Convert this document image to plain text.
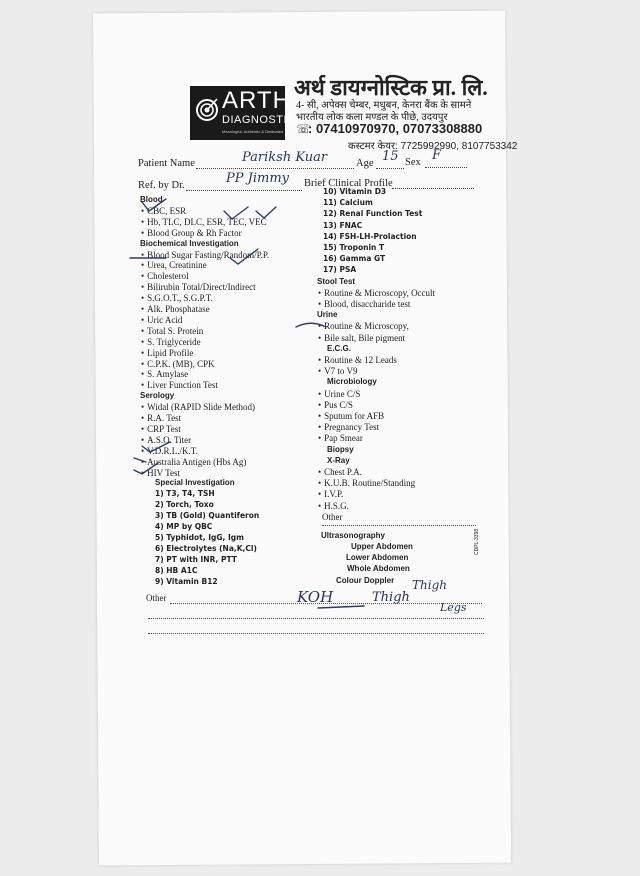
ARTH
DIAGNOSTICS
Meaningful, Authentic & Dedicated
अर्थ डायग्नोस्टिक प्रा. लि.
4- सी, अपेक्स चेम्बर, मधुबन, केनरा बैंक के सामने
भारतीय लोक कला मण्डल के पीछे, उदयपुर
☏
: 07410970970, 07073308880
कस्टमर केयर: 7725992990, 8107753342
Patient Name	Pariksh Kuar	Age 15 Sex F
Ref. by Dr.	PP Jimmy Brief Clinical Profile
Blood
• CBC, ESR
• Hb, TLC, DLC, ESR, TEC, VEC
• Blood Group & Rh Factor
Biochemical Investigation
• Blood Sugar Fasting/Random/P.P.
• Urea, Creatinine
• Cholesterol
• Bilirubin Total/Direct/Indirect
• S.G.O.T., S.G.P.T.
• Alk. Phosphatase
• Uric Acid
• Total S. Protein
• S. Triglyceride
• Lipid Profile
• C.P.K. (MB), CPK
• S. Amylase
• Liver Function Test
Serology
• Widal (RAPID Slide Method)
• R.A. Test
• CRP Test
• A.S.O. Titer
• V.D.R.L./K.T.
• Australia Antigen (Hbs Ag)
• HIV Test
Special Investigation
1) T3, T4, TSH
2) Torch, Toxo
3) TB (Gold) Quantiferon
4) MP by QBC
5) Typhidot, IgG, Igm
6) Electrolytes (Na,K,Cl)
7) PT with INR, PTT
8) HB A1C
9) Vitamin B12
10) Vitamin D3
11) Calcium
12) Renal Function Test
13) FNAC
14) FSH-LH-Prolaction
15) Troponin T
16) Gamma GT
17) PSA
Stool Test
• Routine & Microscopy, Occult
• Blood, disaccharide test
Urine
• Routine & Microscopy,
• Bile salt, Bile pigment
E.C.G.
• Routine & 12 Leads
• V7 to V9
Microbiology
• Urine C/S
• Pus C/S
• Sputum for AFB
• Pregnancy Test
• Pap Smear
Biopsy
X-Ray
• Chest P.A.
• K.U.B. Routine/Standing
• I.V.P.
• H.S.G.
Other
Ultrasonography
Upper Abdomen
Lower Abdomen
Whole Abdomen
Colour Doppler
CDPL-3398
Other	KOH	Thigh
Thigh
Legs
